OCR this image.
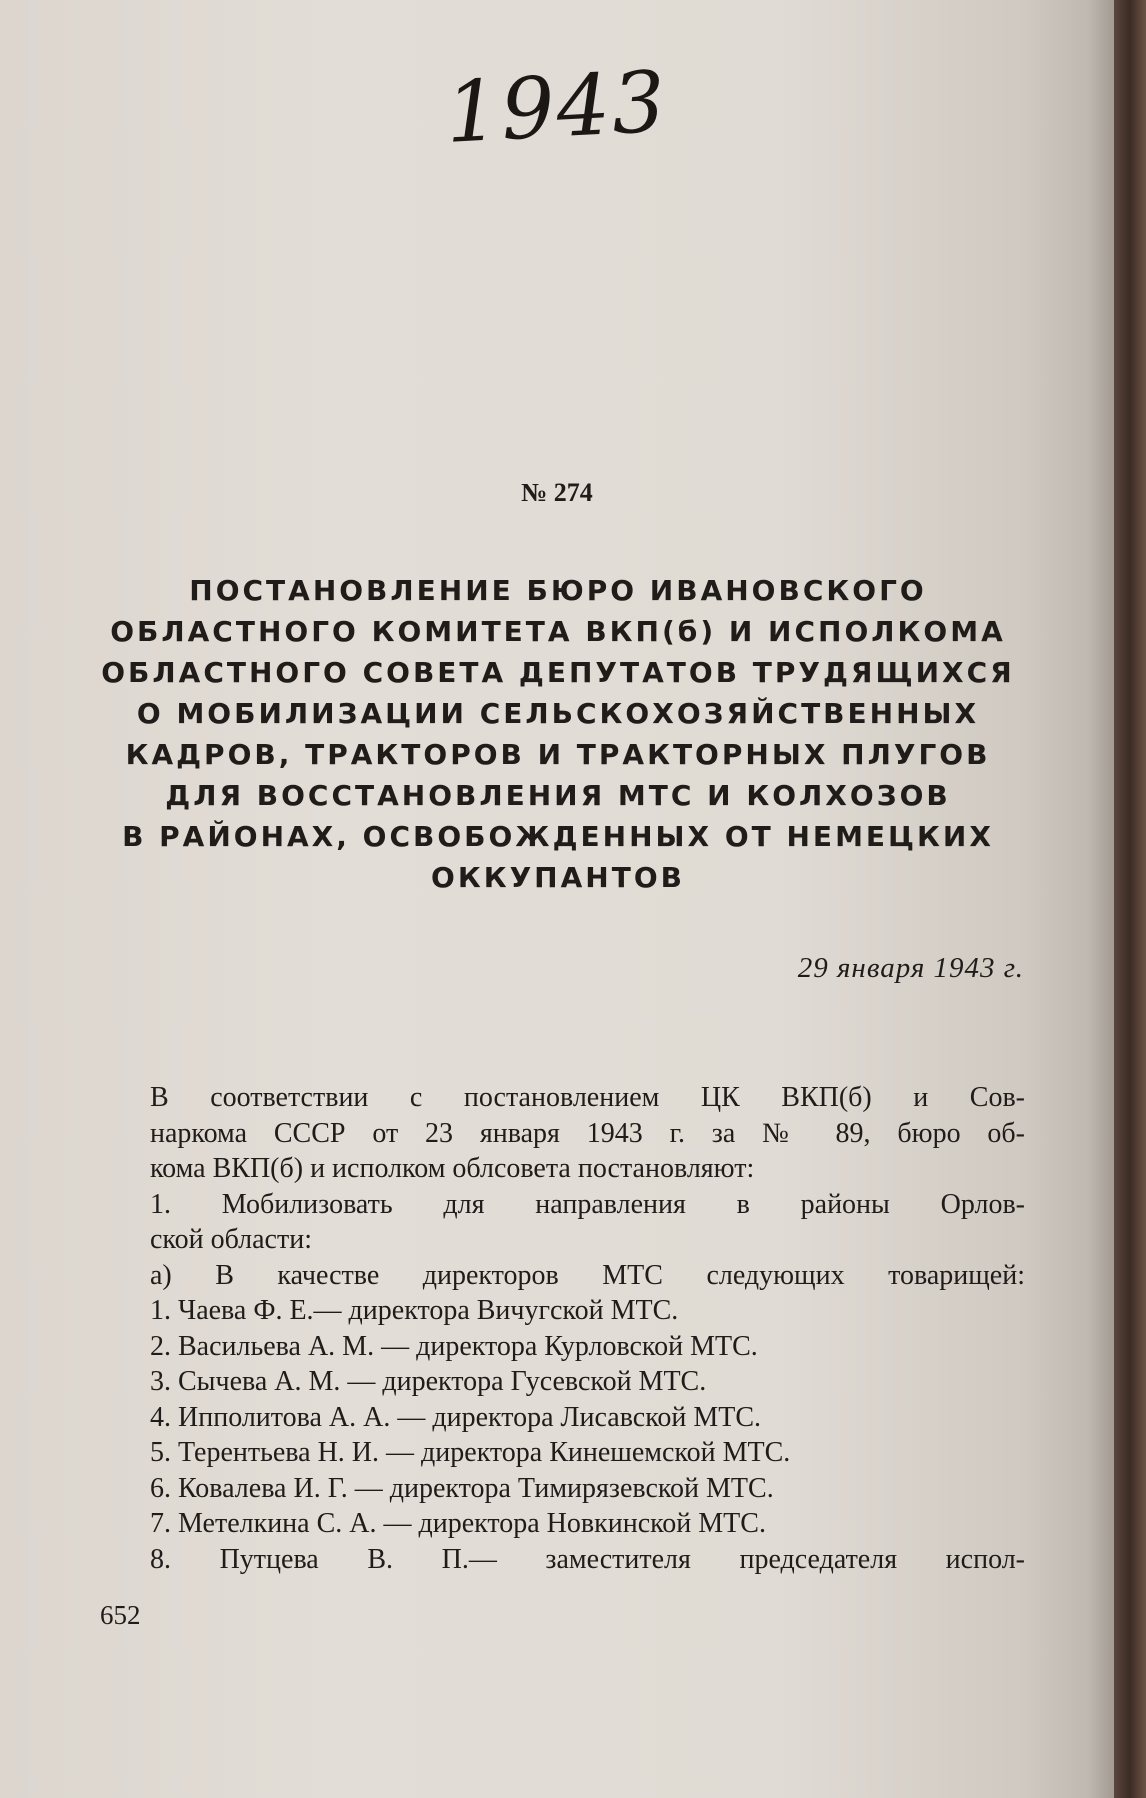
1943
№ 274
ПОСТАНОВЛЕНИЕ БЮРО ИВАНОВСКОГО
ОБЛАСТНОГО КОМИТЕТА ВКП(б) И ИСПОЛКОМА
ОБЛАСТНОГО СОВЕТА ДЕПУТАТОВ ТРУДЯЩИХСЯ
О МОБИЛИЗАЦИИ СЕЛЬСКОХОЗЯЙСТВЕННЫХ
КАДРОВ, ТРАКТОРОВ И ТРАКТОРНЫХ ПЛУГОВ
ДЛЯ ВОССТАНОВЛЕНИЯ МТС И КОЛХОЗОВ
В РАЙОНАХ, ОСВОБОЖДЕННЫХ ОТ НЕМЕЦКИХ
ОККУПАНТОВ
29 января 1943 г.
В соответствии с постановлением ЦК ВКП(б) и Сов-
наркома СССР от 23 января 1943 г. за № 89, бюро об-
кома ВКП(б) и исполком облсовета постановляют:
1. Мобилизовать для направления в районы Орлов-
ской области:
а) В качестве директоров МТС следующих товарищей:
1. Чаева Ф. Е.— директора Вичугской МТС.
2. Васильева А. М. — директора Курловской МТС.
3. Сычева А. М. — директора Гусевской МТС.
4. Ипполитова А. А. — директора Лисавской МТС.
5. Терентьева Н. И. — директора Кинешемской МТС.
6. Ковалева И. Г. — директора Тимирязевской МТС.
7. Метелкина С. А. — директора Новкинской МТС.
8. Путцева В. П.— заместителя председателя испол-
652
